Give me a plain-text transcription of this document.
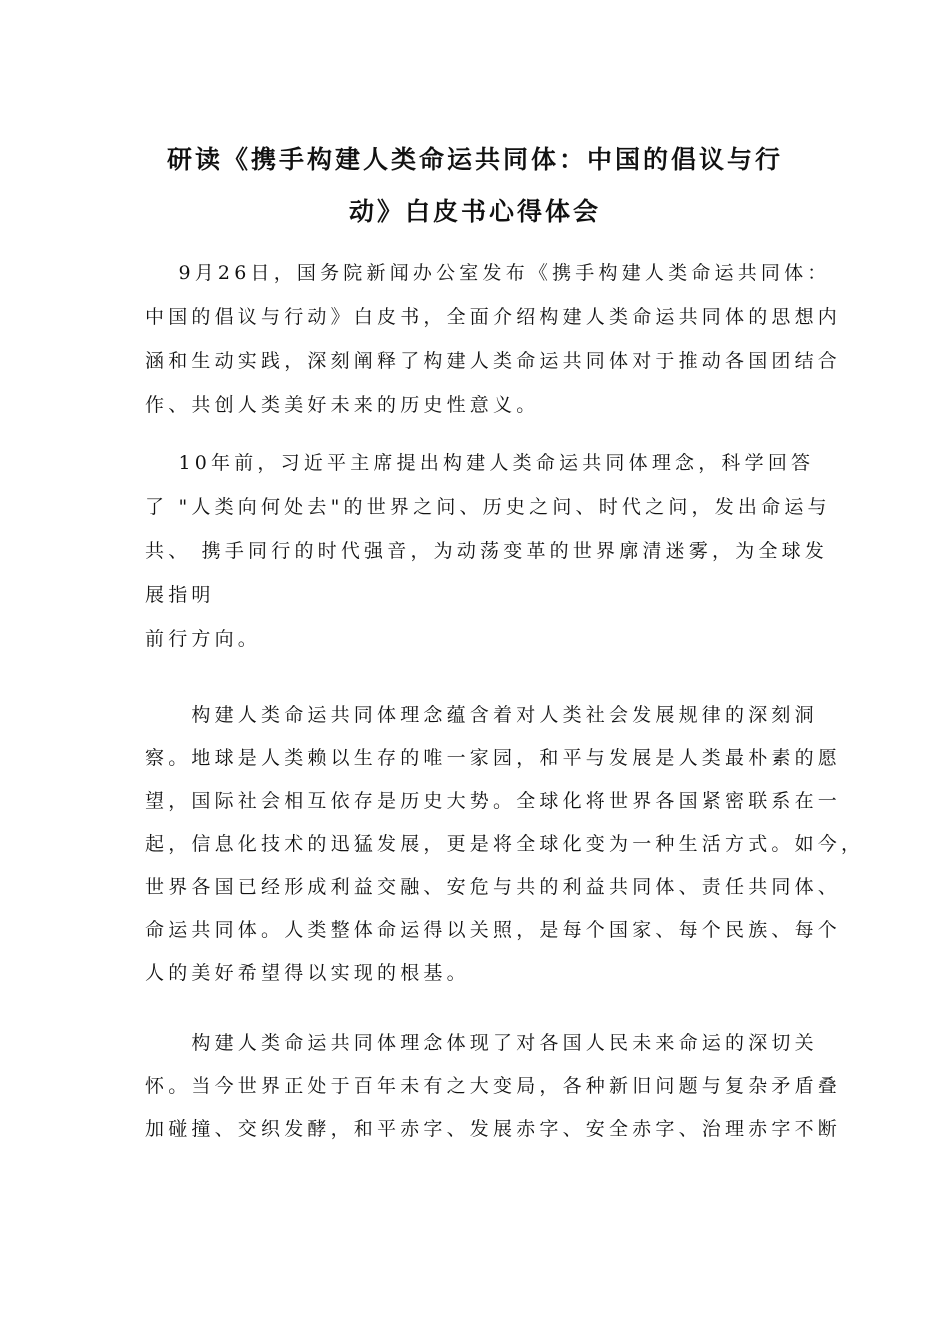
研读《携手构建人类命运共同体：中国的倡议与行
动》白皮书心得体会
　 9月26日，国务院新闻办公室发布《携手构建人类命运共同体：
中国的倡议与行动》白皮书，全面介绍构建人类命运共同体的思想内
涵和生动实践，深刻阐释了构建人类命运共同体对于推动各国团结合
作、共创人类美好未来的历史性意义。
　 10年前，习近平主席提出构建人类命运共同体理念，科学回答
了 "人类向何处去"的世界之问、历史之问、时代之问，发出命运与
共、 携手同行的时代强音，为动荡变革的世界廓清迷雾，为全球发
展指明
前行方向。
　　构建人类命运共同体理念蕴含着对人类社会发展规律的深刻洞
察。地球是人类赖以生存的唯一家园，和平与发展是人类最朴素的愿
望，国际社会相互依存是历史大势。全球化将世界各国紧密联系在一
起，信息化技术的迅猛发展，更是将全球化变为一种生活方式。如今，
世界各国已经形成利益交融、安危与共的利益共同体、责任共同体、
命运共同体。人类整体命运得以关照，是每个国家、每个民族、每个
人的美好希望得以实现的根基。
　　构建人类命运共同体理念体现了对各国人民未来命运的深切关
怀。当今世界正处于百年未有之大变局，各种新旧问题与复杂矛盾叠
加碰撞、交织发酵，和平赤字、发展赤字、安全赤字、治理赤字不断
